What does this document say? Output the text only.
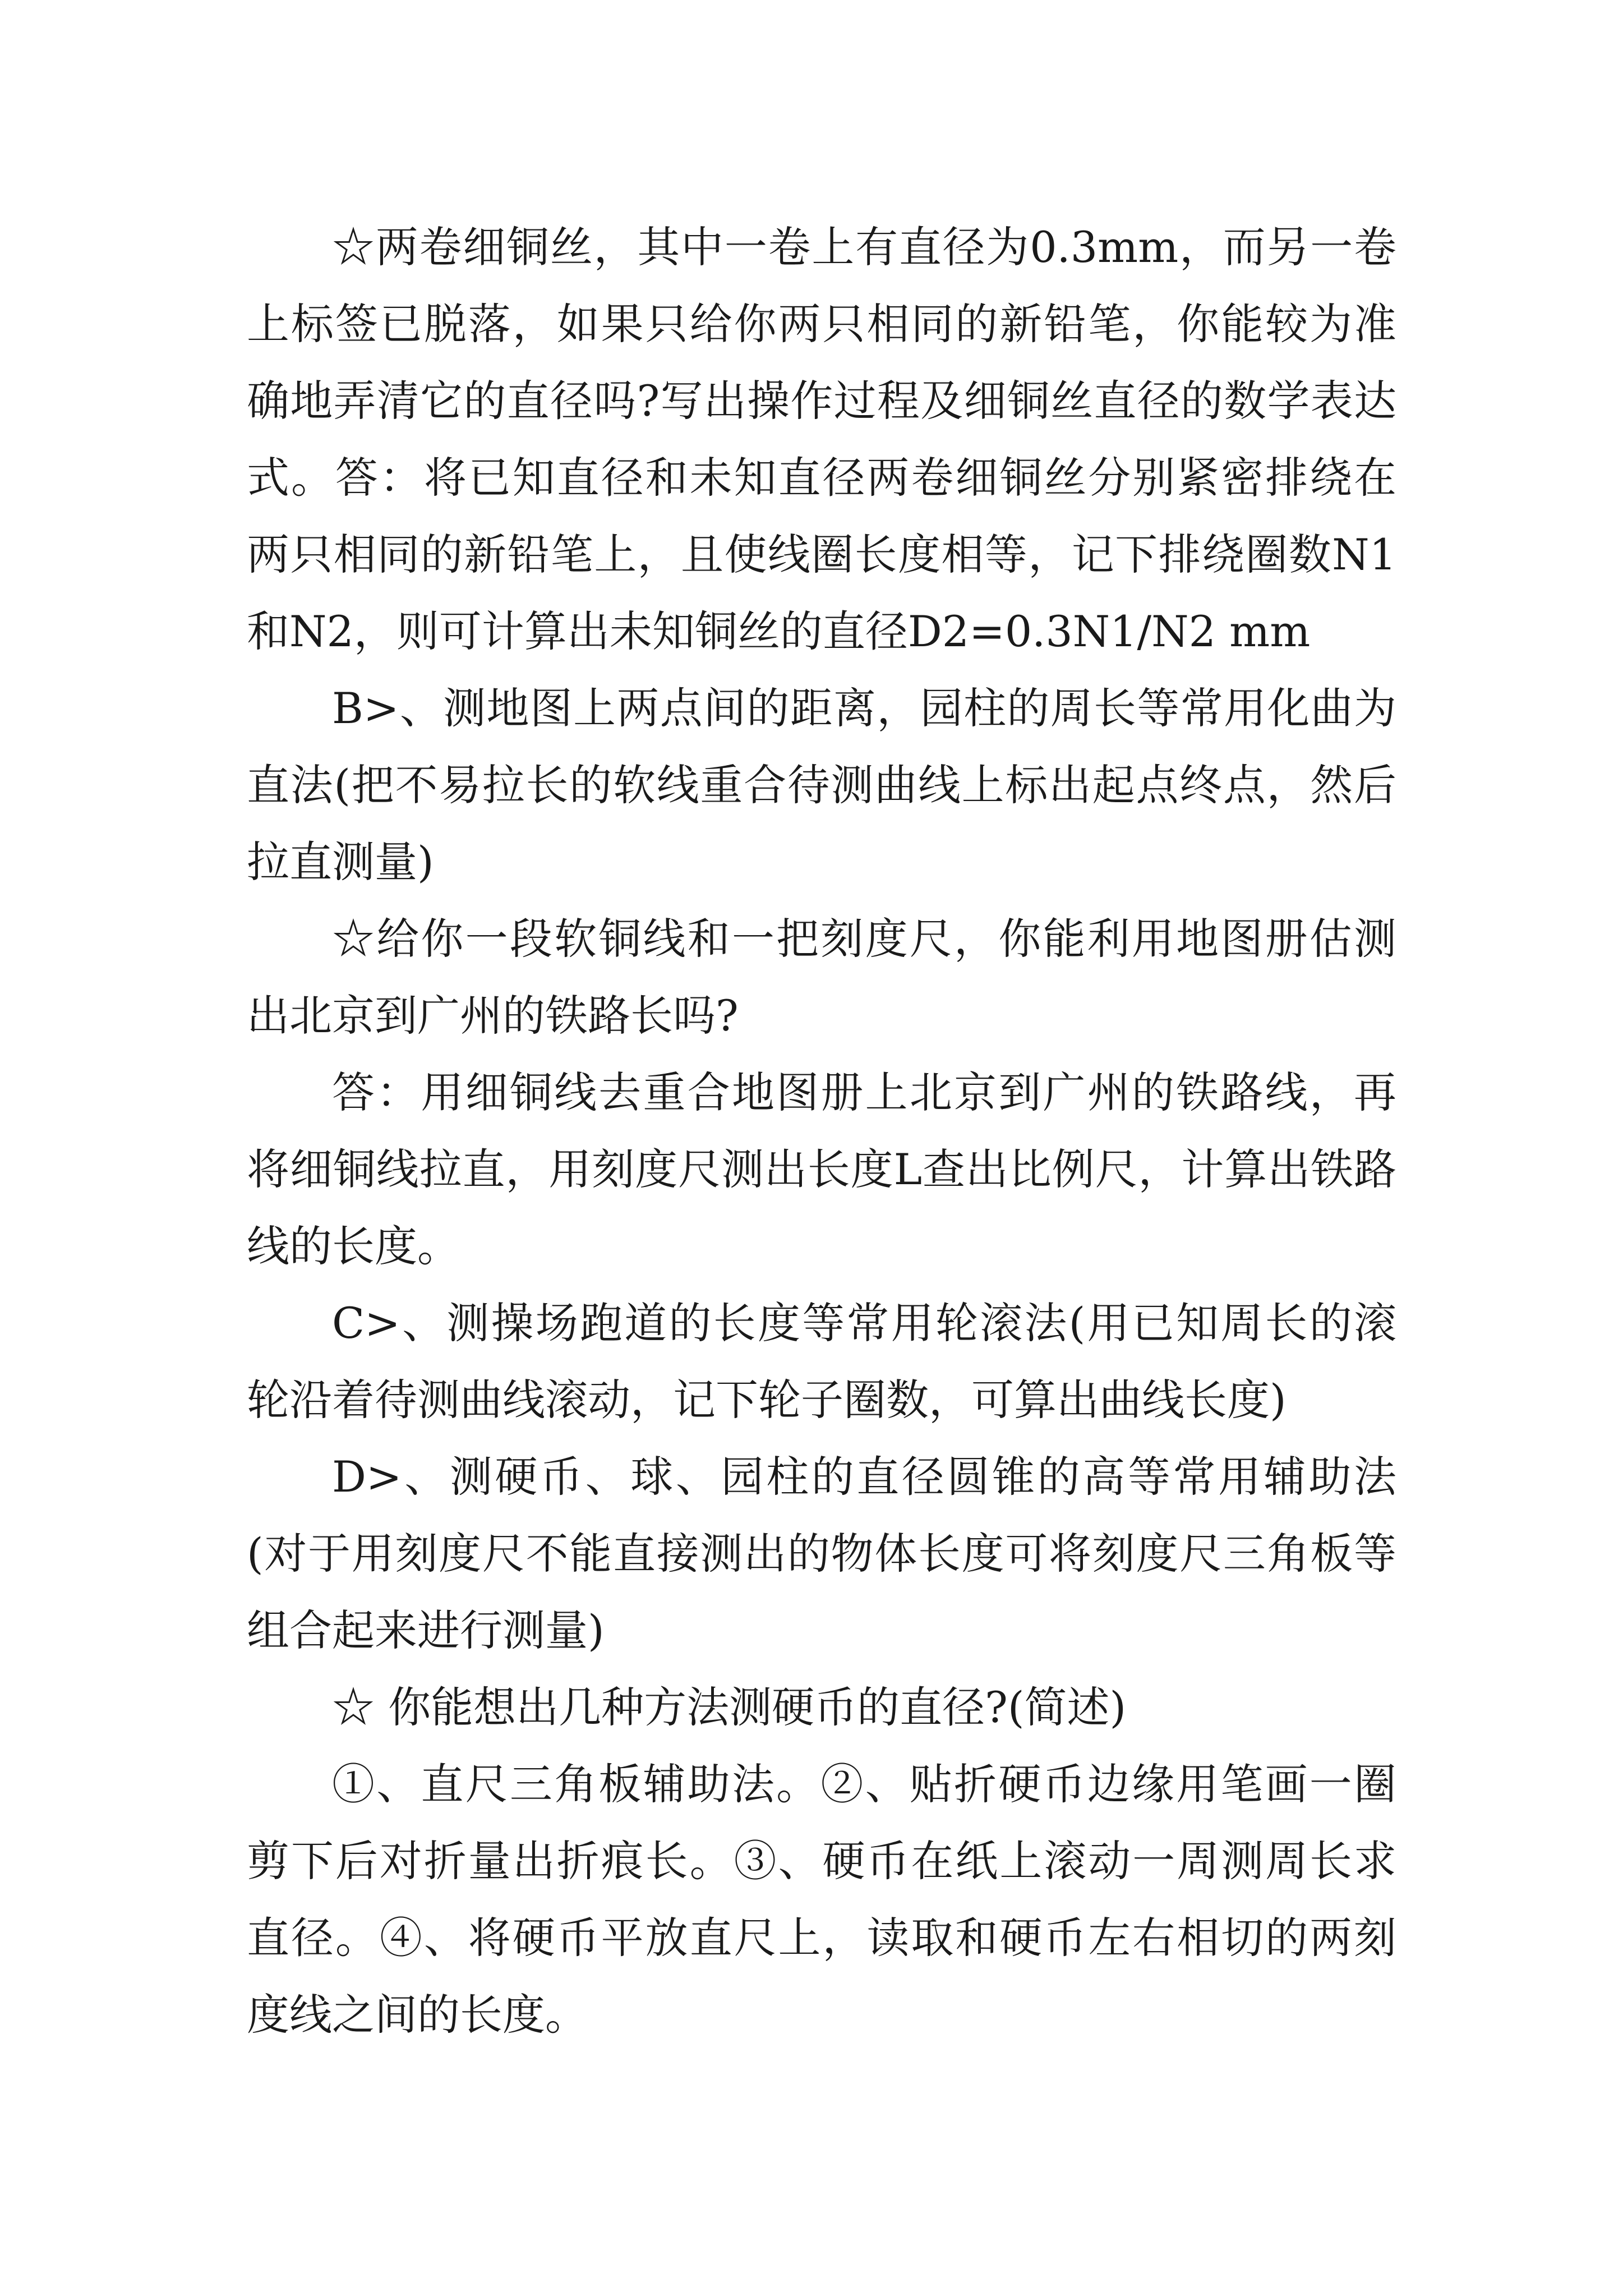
☆两卷细铜丝，其中一卷上有直径为0.3mm，而另一卷上标签已脱落，如果只给你两只相同的新铅笔，你能较为准确地弄清它的直径吗?写出操作过程及细铜丝直径的数学表达式。答：将已知直径和未知直径两卷细铜丝分别紧密排绕在两只相同的新铅笔上，且使线圈长度相等，记下排绕圈数N1和N2，则可计算出未知铜丝的直径D2=0.3N1/N2 mm

B>、测地图上两点间的距离，园柱的周长等常用化曲为直法(把不易拉长的软线重合待测曲线上标出起点终点，然后拉直测量)

☆给你一段软铜线和一把刻度尺，你能利用地图册估测出北京到广州的铁路长吗?

答：用细铜线去重合地图册上北京到广州的铁路线，再将细铜线拉直，用刻度尺测出长度L查出比例尺，计算出铁路线的长度。

C>、测操场跑道的长度等常用轮滚法(用已知周长的滚轮沿着待测曲线滚动，记下轮子圈数，可算出曲线长度)

D>、测硬币、球、园柱的直径圆锥的高等常用辅助法(对于用刻度尺不能直接测出的物体长度可将刻度尺三角板等组合起来进行测量)

☆ 你能想出几种方法测硬币的直径?(简述)

①、直尺三角板辅助法。②、贴折硬币边缘用笔画一圈剪下后对折量出折痕长。③、硬币在纸上滚动一周测周长求直径。④、将硬币平放直尺上，读取和硬币左右相切的两刻度线之间的长度。
